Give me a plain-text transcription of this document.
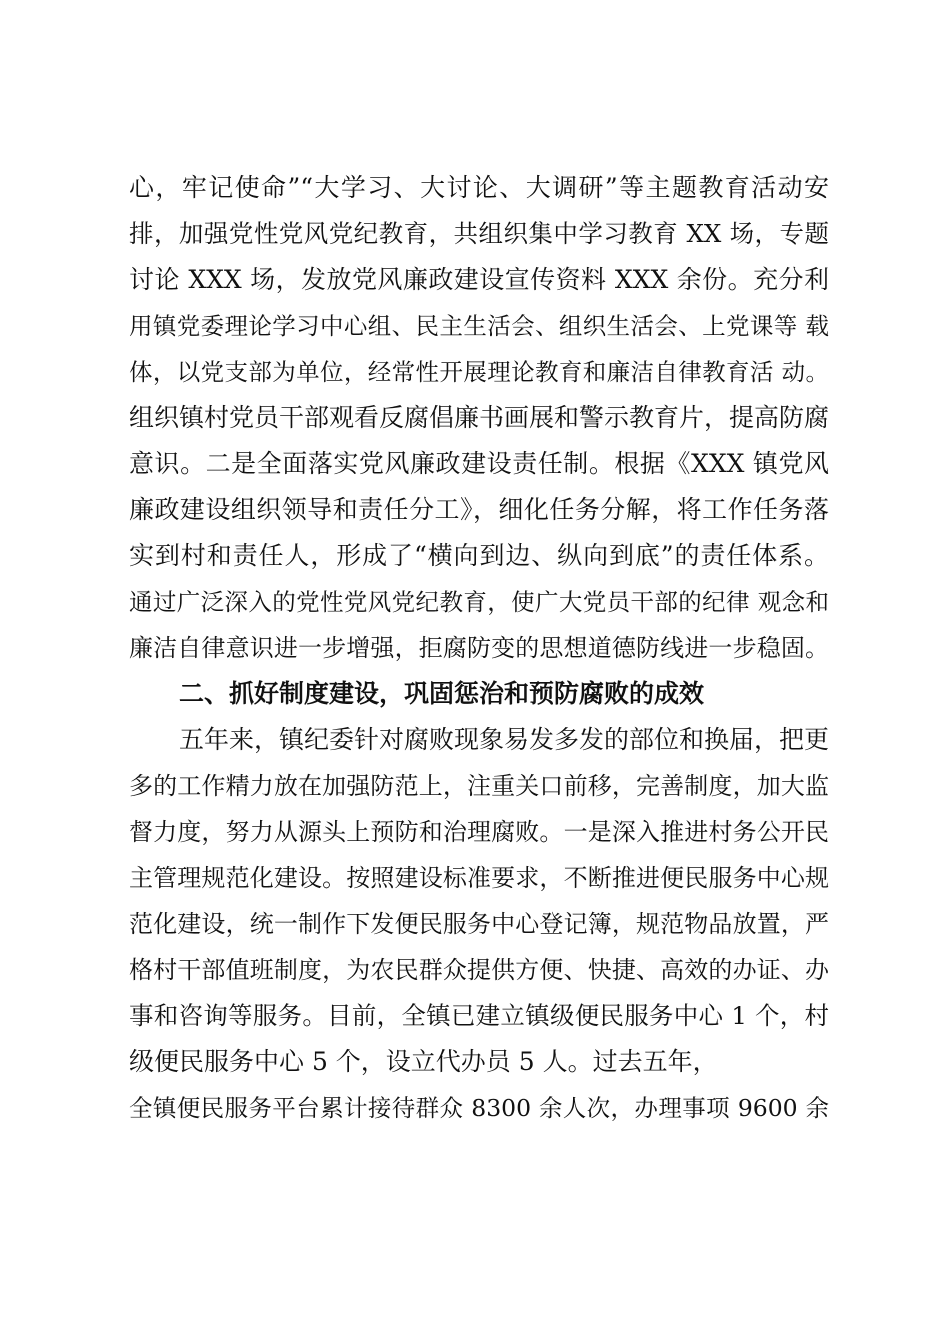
心，牢记使命”“大学习、大讨论、大调研”等主题教育活动安
排，加强党性党风党纪教育，共组织集中学习教育 XX 场，专题
讨论 XXX 场，发放党风廉政建设宣传资料 XXX 余份。充分利
用镇党委理论学习中心组、民主生活会、组织生活会、上党课等 载
体，以党支部为单位，经常性开展理论教育和廉洁自律教育活 动。
组织镇村党员干部观看反腐倡廉书画展和警示教育片，提高防腐
意识。二是全面落实党风廉政建设责任制。根据《XXX 镇党风
廉政建设组织领导和责任分工》，细化任务分解，将工作任务落
实到村和责任人，形成了“横向到边、纵向到底”的责任体系。
通过广泛深入的党性党风党纪教育，使广大党员干部的纪律 观念和
廉洁自律意识进一步增强，拒腐防变的思想道德防线进一步稳固。
二、抓好制度建设，巩固惩治和预防腐败的成效
五年来，镇纪委针对腐败现象易发多发的部位和换届，把更
多的工作精力放在加强防范上，注重关口前移，完善制度，加大监
督力度，努力从源头上预防和治理腐败。一是深入推进村务公开民
主管理规范化建设。按照建设标准要求，不断推进便民服务中心规
范化建设，统一制作下发便民服务中心登记簿，规范物品放置，严
格村干部值班制度，为农民群众提供方便、快捷、高效的办证、办
事和咨询等服务。目前，全镇已建立镇级便民服务中心 1 个，村
级便民服务中心 5 个，设立代办员 5 人。过去五年，
全镇便民服务平台累计接待群众 8300 余人次，办理事项 9600 余
